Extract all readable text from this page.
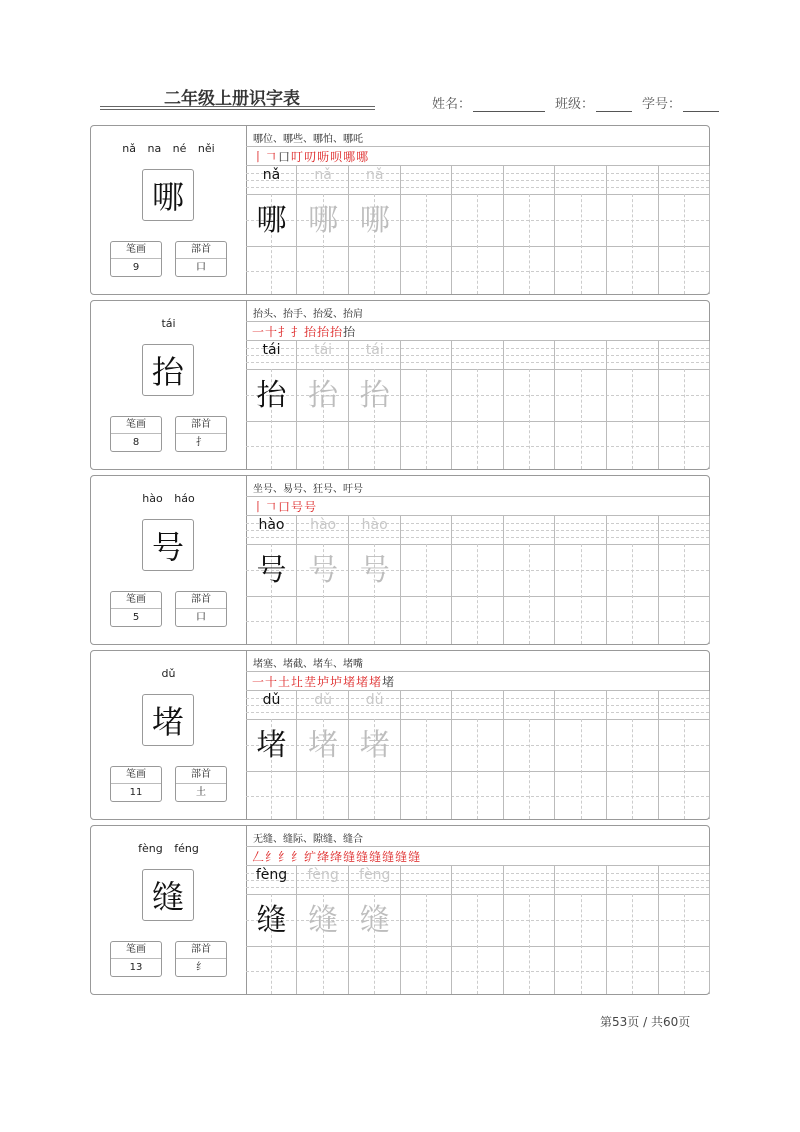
二年级上册识字表	姓名：	班级：	学号：
nǎ na né něi
哪
笔画
9
部首
口
哪位、哪些、哪怕、哪吒
丨𠃍口叮叨呖呗哪哪
nǎ
哪
nǎ
哪
nǎ
哪
tái
抬
笔画
8
部首
扌
抬头、抬手、抬爱、抬肩
一十扌扌抬抬抬抬
tái
抬
tái
抬
tái
抬
hào háo
号
笔画
5
部首
口
坐号、易号、狂号、吁号
丨𠃍口号号
hào
号
hào
号
hào
号
dǔ
堵
笔画
11
部首
土
堵塞、堵截、堵车、堵嘴
一十土圵坓垆垆堵堵堵堵
dǔ
堵
dǔ
堵
dǔ
堵
fèng féng
缝
笔画
13
部首
纟
无缝、缝际、隙缝、缝合
𠃋纟纟纟纩绛绛缝缝缝缝缝缝
fèng
缝
fèng
缝
fèng
缝
第53页 / 共60页
